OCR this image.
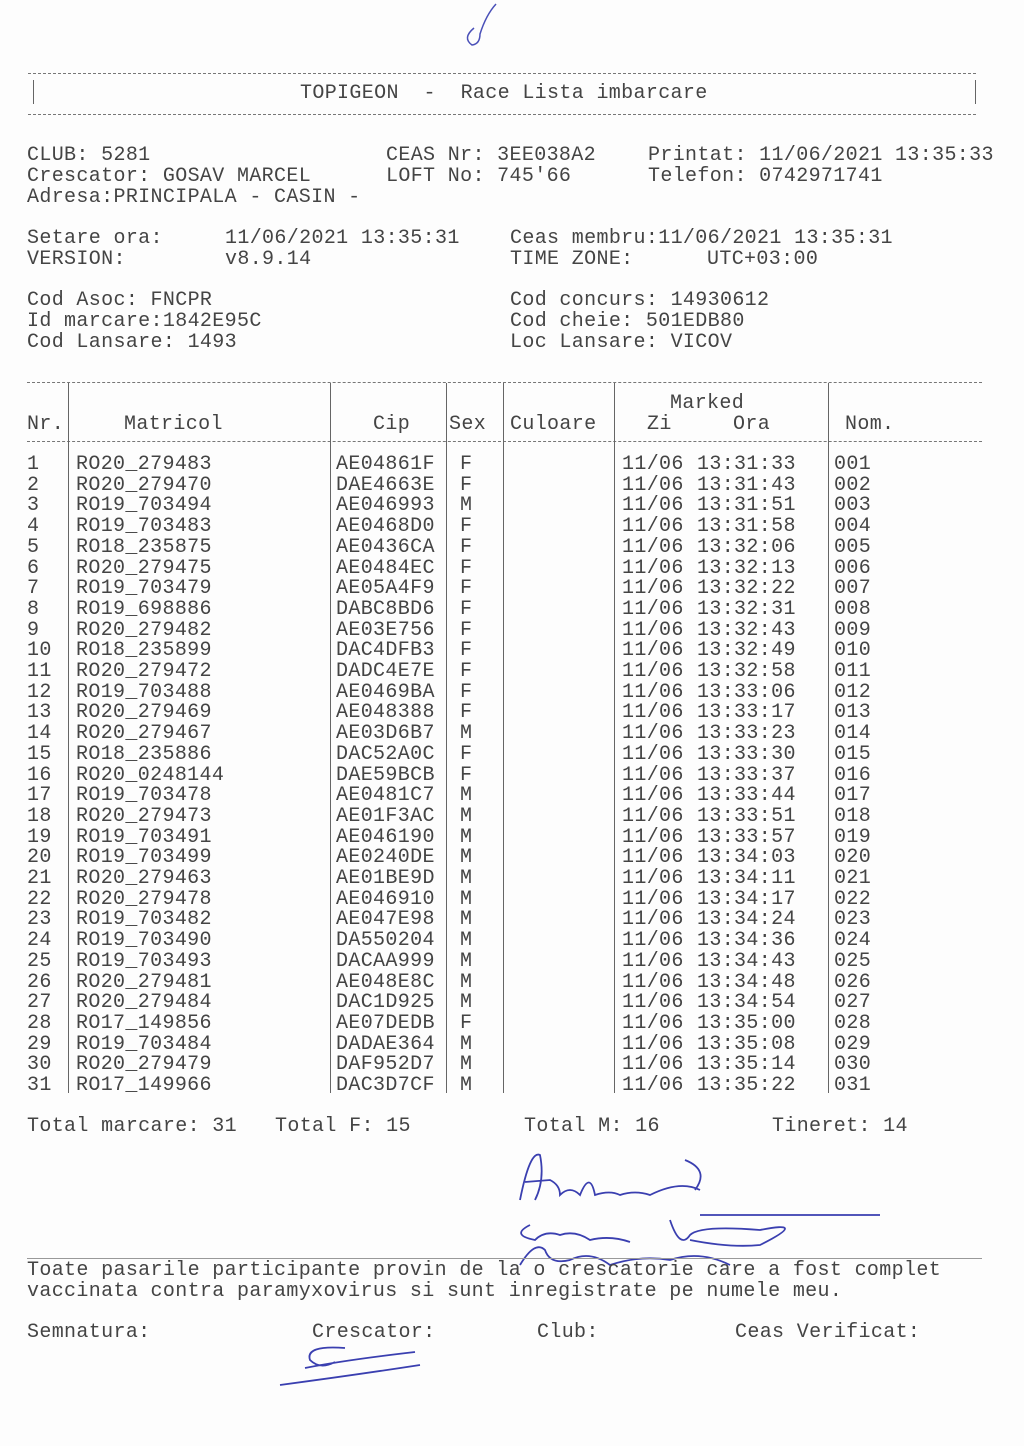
TOPIGEON  -  Race Lista imbarcare
CLUB: 5281	CEAS Nr: 3EE038A2	Printat: 11/06/2021 13:35:33
Crescator: GOSAV MARCEL	LOFT No: 745'66	Telefon: 0742971741
Adresa:PRINCIPALA - CASIN -
Setare ora:	11/06/2021 13:35:31	Ceas membru:11/06/2021 13:35:31
VERSION:	v8.9.14	TIME ZONE:	UTC+03:00
Cod Asoc: FNCPR	Cod concurs: 14930612
Id marcare:1842E95C	Cod cheie: 501EDB80
Cod Lansare: 1493	Loc Lansare: VICOV
Nr.	Matricol	Cip Sex Culoare
Marked
Zi	Ora	Nom.
1 RO20_279483	AE04861F F	11/06 13:31:33 001
2 RO20_279470	DAE4663E F	11/06 13:31:43 002
3 RO19_703494	AE046993 M	11/06 13:31:51 003
4 RO19_703483	AE0468D0 F	11/06 13:31:58 004
5 RO18_235875	AE0436CA F	11/06 13:32:06 005
6 RO20_279475	AE0484EC F	11/06 13:32:13 006
7 RO19_703479	AE05A4F9 F	11/06 13:32:22 007
8 RO19_698886	DABC8BD6 F	11/06 13:32:31 008
9 RO20_279482	AE03E756 F	11/06 13:32:43 009
10 RO18_235899	DAC4DFB3 F	11/06 13:32:49 010
11 RO20_279472	DADC4E7E F	11/06 13:32:58 011
12 RO19_703488	AE0469BA F	11/06 13:33:06 012
13 RO20_279469	AE048388 F	11/06 13:33:17 013
14 RO20_279467	AE03D6B7 M	11/06 13:33:23 014
15 RO18_235886	DAC52A0C F	11/06 13:33:30 015
16 RO20_0248144	DAE59BCB F	11/06 13:33:37 016
17 RO19_703478	AE0481C7 M	11/06 13:33:44 017
18 RO20_279473	AE01F3AC M	11/06 13:33:51 018
19 RO19_703491	AE046190 M	11/06 13:33:57 019
20 RO19_703499	AE0240DE M	11/06 13:34:03 020
21 RO20_279463	AE01BE9D M	11/06 13:34:11 021
22 RO20_279478	AE046910 M	11/06 13:34:17 022
23 RO19_703482	AE047E98 M	11/06 13:34:24 023
24 RO19_703490	DA550204 M	11/06 13:34:36 024
25 RO19_703493	DACAA999 M	11/06 13:34:43 025
26 RO20_279481	AE048E8C M	11/06 13:34:48 026
27 RO20_279484	DAC1D925 M	11/06 13:34:54 027
28 RO17_149856	AE07DEDB F	11/06 13:35:00 028
29 RO19_703484	DADAE364 M	11/06 13:35:08 029
30 RO20_279479	DAF952D7 M	11/06 13:35:14 030
31 RO17_149966	DAC3D7CF M	11/06 13:35:22 031
Total marcare: 31 Total F: 15	Total M: 16	Tineret: 14
Toate pasarile participante provin de la o crescatorie care a fost complet
vaccinata contra paramyxovirus si sunt inregistrate pe numele meu.
Semnatura:	Crescator:	Club:	Ceas Verificat:
